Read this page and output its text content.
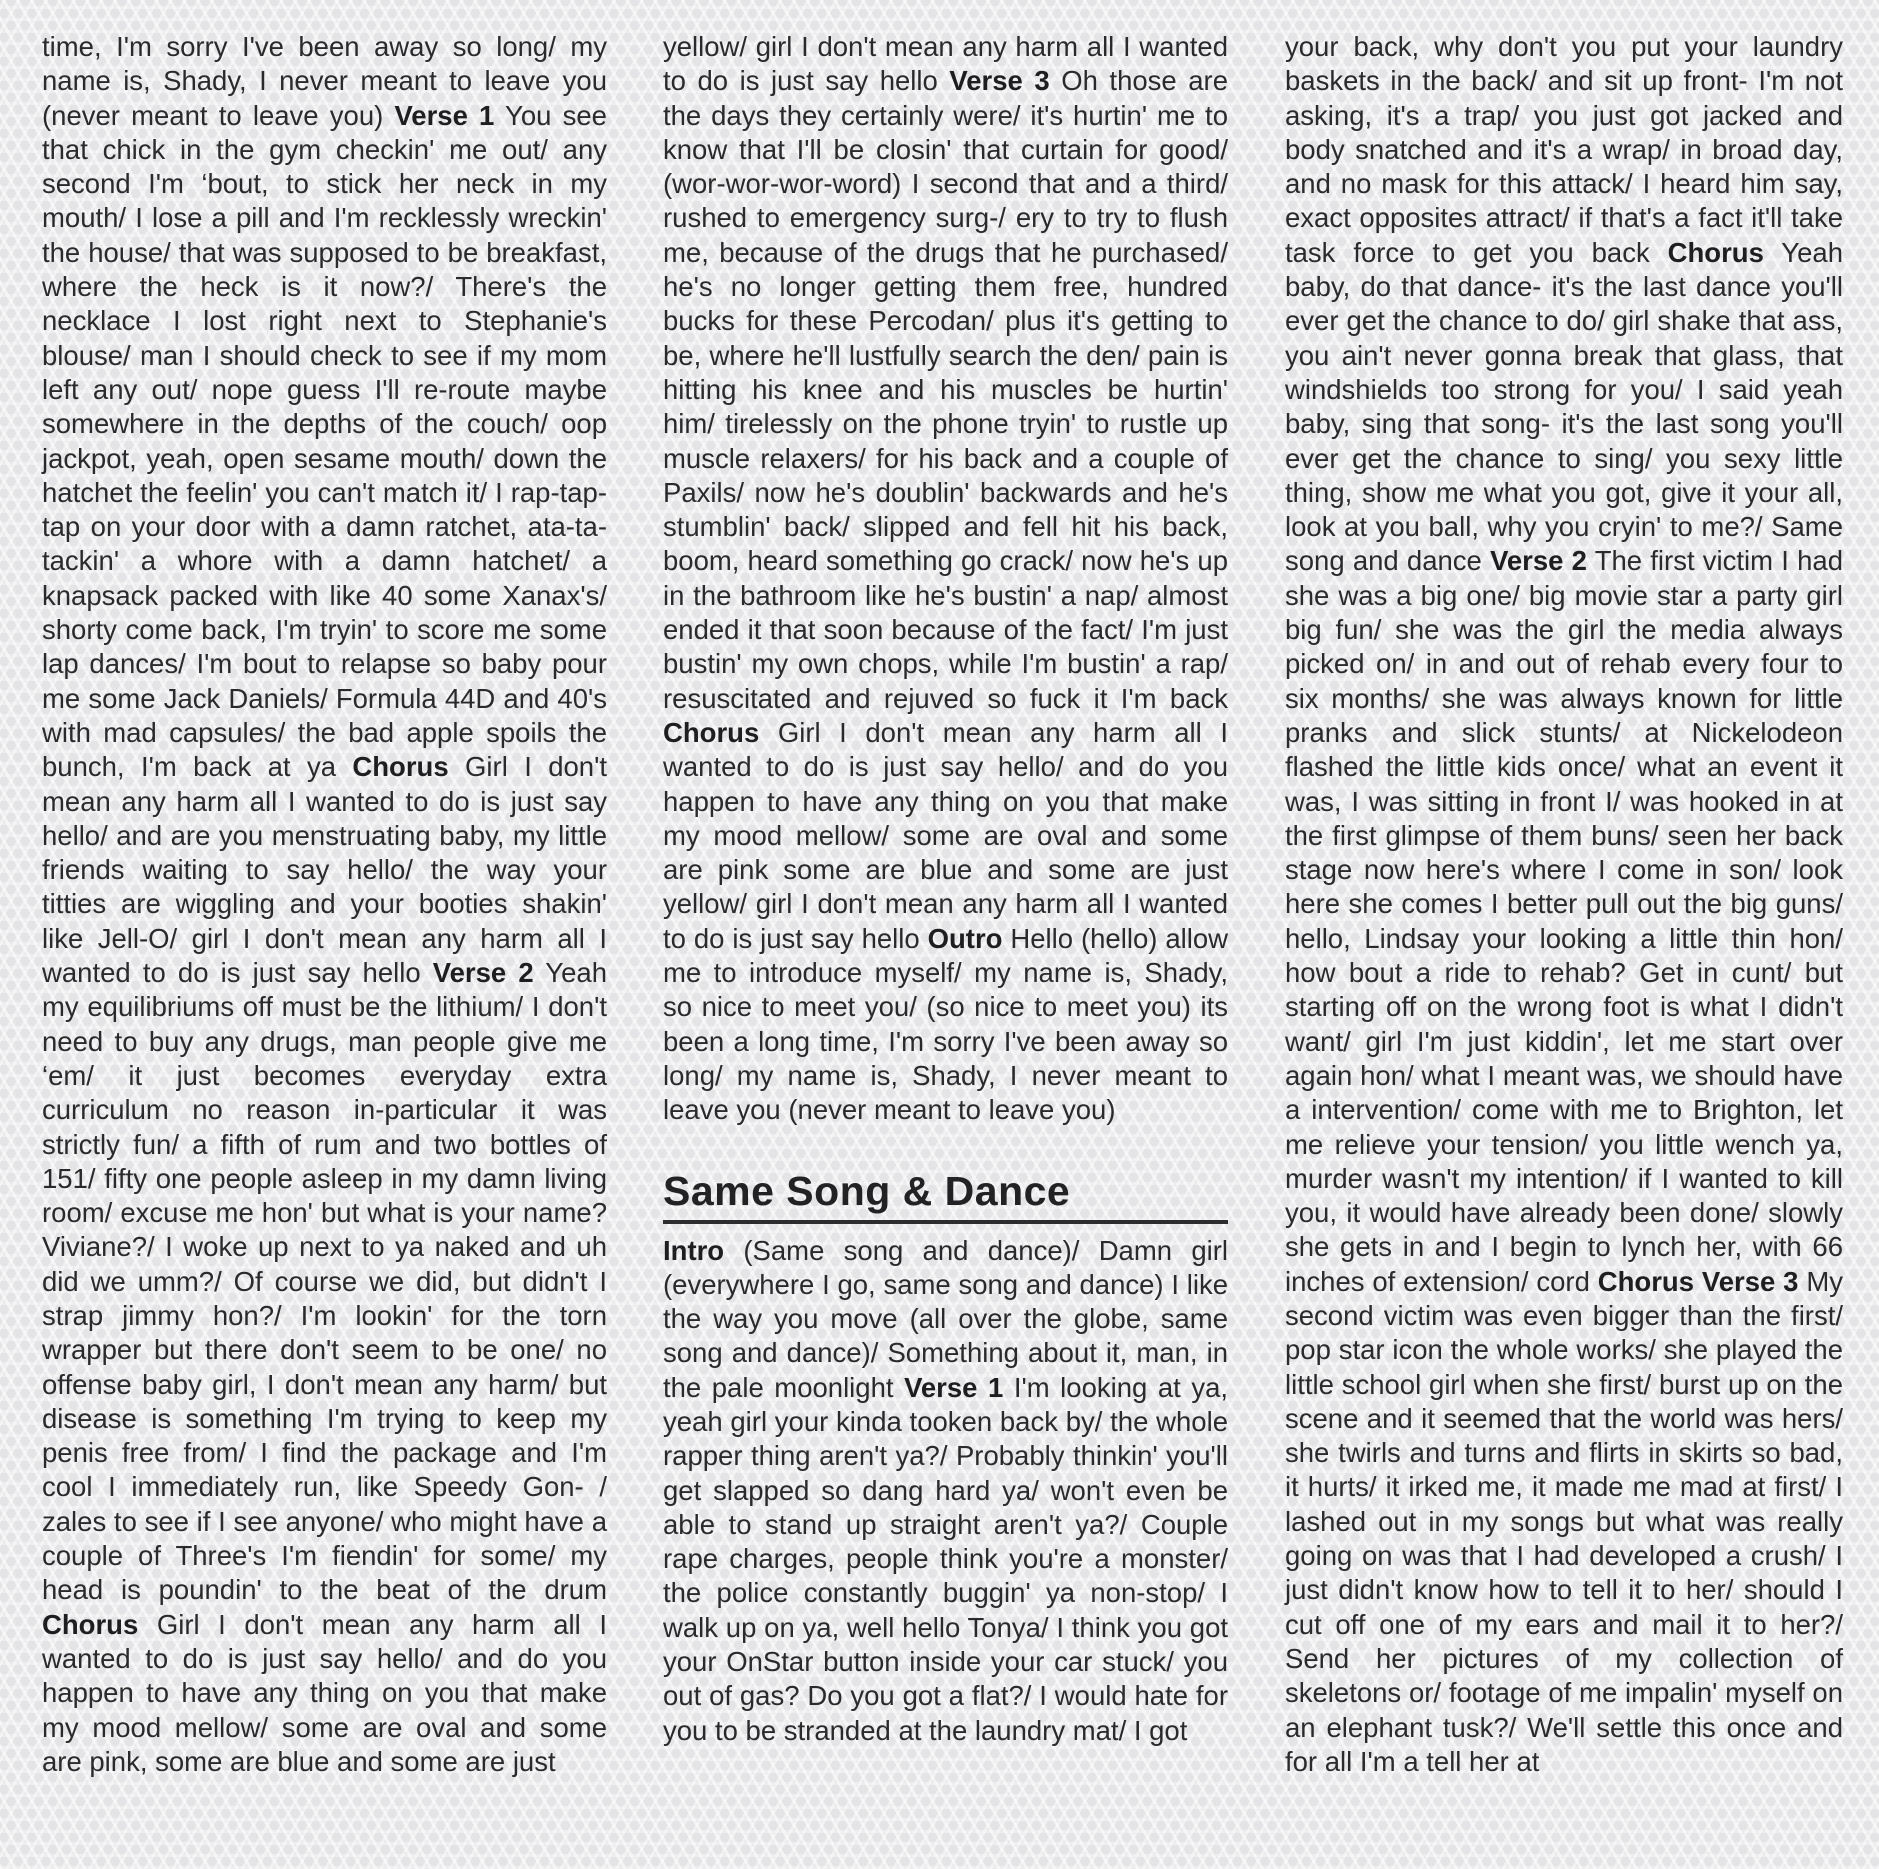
time, I'm sorry I've been away so long/ my name is, Shady, I never meant to leave you (never meant to leave you) Verse 1 You see that chick in the gym checkin' me out/ any second I'm ‘bout, to stick her neck in my mouth/ I lose a pill and I'm recklessly wreckin' the house/ that was supposed to be breakfast, where the heck is it now?/ There's the necklace I lost right next to Stephanie's blouse/ man I should check to see if my mom left any out/ nope guess I'll re-route maybe somewhere in the depths of the couch/ oop jackpot, yeah, open sesame mouth/ down the hatchet the feelin' you can't match it/ I rap-tap-tap on your door with a damn ratchet, ata-ta-tackin' a whore with a damn hatchet/ a knapsack packed with like 40 some Xanax's/ shorty come back, I'm tryin' to score me some lap dances/ I'm bout to relapse so baby pour me some Jack Daniels/ Formula 44D and 40's with mad capsules/ the bad apple spoils the bunch, I'm back at ya Chorus Girl I don't mean any harm all I wanted to do is just say hello/ and are you menstruating baby, my little friends waiting to say hello/ the way your titties are wiggling and your booties shakin' like Jell-O/ girl I don't mean any harm all I wanted to do is just say hello Verse 2 Yeah my equilibriums off must be the lithium/ I don't need to buy any drugs, man people give me ‘em/ it just becomes everyday extra curriculum no reason in-particular it was strictly fun/ a fifth of rum and two bottles of 151/ fifty one people asleep in my damn living room/ excuse me hon' but what is your name? Viviane?/ I woke up next to ya naked and uh did we umm?/ Of course we did, but didn't I strap jimmy hon?/ I'm lookin' for the torn wrapper but there don't seem to be one/ no offense baby girl, I don't mean any harm/ but disease is something I'm trying to keep my penis free from/ I find the package and I'm cool I immediately run, like Speedy Gon- / zales to see if I see anyone/ who might have a couple of Three's I'm fiendin' for some/ my head is poundin' to the beat of the drum Chorus Girl I don't mean any harm all I wanted to do is just say hello/ and do you happen to have any thing on you that make my mood mellow/ some are oval and some are pink, some are blue and some are just

yellow/ girl I don't mean any harm all I wanted to do is just say hello Verse 3 Oh those are the days they certainly were/ it's hurtin' me to know that I'll be closin' that curtain for good/ (wor-wor-wor-word) I second that and a third/ rushed to emergency surg-/ ery to try to flush me, because of the drugs that he purchased/ he's no longer getting them free, hundred bucks for these Percodan/ plus it's getting to be, where he'll lustfully search the den/ pain is hitting his knee and his muscles be hurtin' him/ tirelessly on the phone tryin' to rustle up muscle relaxers/ for his back and a couple of Paxils/ now he's doublin' backwards and he's stumblin' back/ slipped and fell hit his back, boom, heard something go crack/ now he's up in the bathroom like he's bustin' a nap/ almost ended it that soon because of the fact/ I'm just bustin' my own chops, while I'm bustin' a rap/ resuscitated and rejuved so fuck it I'm back Chorus Girl I don't mean any harm all I wanted to do is just say hello/ and do you happen to have any thing on you that make my mood mellow/ some are oval and some are pink some are blue and some are just yellow/ girl I don't mean any harm all I wanted to do is just say hello Outro Hello (hello) allow me to introduce myself/ my name is, Shady, so nice to meet you/ (so nice to meet you) its been a long time, I'm sorry I've been away so long/ my name is, Shady, I never meant to leave you (never meant to leave you)

Same Song & Dance

Intro (Same song and dance)/ Damn girl (everywhere I go, same song and dance) I like the way you move (all over the globe, same song and dance)/ Something about it, man, in the pale moonlight Verse 1 I'm looking at ya, yeah girl your kinda tooken back by/ the whole rapper thing aren't ya?/ Probably thinkin' you'll get slapped so dang hard ya/ won't even be able to stand up straight aren't ya?/ Couple rape charges, people think you're a monster/ the police constantly buggin' ya non-stop/ I walk up on ya, well hello Tonya/ I think you got your OnStar button inside your car stuck/ you out of gas? Do you got a flat?/ I would hate for you to be stranded at the laundry mat/ I got

your back, why don't you put your laundry baskets in the back/ and sit up front- I'm not asking, it's a trap/ you just got jacked and body snatched and it's a wrap/ in broad day, and no mask for this attack/ I heard him say, exact opposites attract/ if that's a fact it'll take task force to get you back Chorus Yeah baby, do that dance- it's the last dance you'll ever get the chance to do/ girl shake that ass, you ain't never gonna break that glass, that windshields too strong for you/ I said yeah baby, sing that song- it's the last song you'll ever get the chance to sing/ you sexy little thing, show me what you got, give it your all, look at you ball, why you cryin' to me?/ Same song and dance Verse 2 The first victim I had she was a big one/ big movie star a party girl big fun/ she was the girl the media always picked on/ in and out of rehab every four to six months/ she was always known for little pranks and slick stunts/ at Nickelodeon flashed the little kids once/ what an event it was, I was sitting in front I/ was hooked in at the first glimpse of them buns/ seen her back stage now here's where I come in son/ look here she comes I better pull out the big guns/ hello, Lindsay your looking a little thin hon/ how bout a ride to rehab? Get in cunt/ but starting off on the wrong foot is what I didn't want/ girl I'm just kiddin', let me start over again hon/ what I meant was, we should have a intervention/ come with me to Brighton, let me relieve your tension/ you little wench ya, murder wasn't my intention/ if I wanted to kill you, it would have already been done/ slowly she gets in and I begin to lynch her, with 66 inches of extension/ cord Chorus Verse 3 My second victim was even bigger than the first/ pop star icon the whole works/ she played the little school girl when she first/ burst up on the scene and it seemed that the world was hers/ she twirls and turns and flirts in skirts so bad, it hurts/ it irked me, it made me mad at first/ I lashed out in my songs but what was really going on was that I had developed a crush/ I just didn't know how to tell it to her/ should I cut off one of my ears and mail it to her?/ Send her pictures of my collection of skeletons or/ footage of me impalin' myself on an elephant tusk?/ We'll settle this once and for all I'm a tell her at
